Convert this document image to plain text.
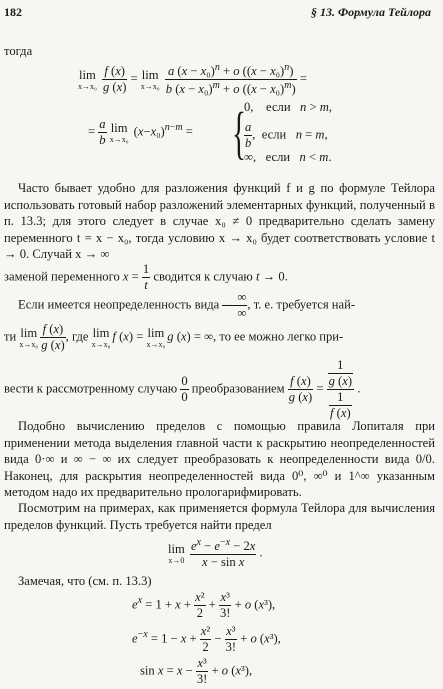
182	§ 13. Формула Тейлора
тогда
lim
x→x₀
$\frac{f (x)}{g (x)} = \lim$
x→x₀
$\frac{a (x - x_0)^n + o ((x - x_0)^n)}{b (x - x_0)^m + o ((x - x_0)^m)}$ =
= $\frac{a}{b}$
lim
x→x₀
$(x-x_0)^{n-m}$ = {
0,    если   n > m,
$\frac{a}{b}$ ,  если   n = m,
∞,   если   n < m.
Часто бывает удобно для разложения функций f и g по формуле Тейлора использовать готовый набор разложений элементарных функций, полученный в п. 13.3; для этого следует в случае x₀ ≠ 0 предварительно сделать замену переменного t = x − x₀, тогда условию x → x₀ будет соответствовать условие t → 0. Случай x → ∞
заменой переменного $x = \frac{1}{t}$ сводится к случаю t → 0.
Если имеется неопределенность вида $\frac{\infty}{\infty}$ , т. е. требуется най-
ти lim
$x\to x_0 \frac{f (x)}{g (x)}$ , где lim
x→x₀
f (x) = lim
x→x₀
g (x) = ∞, то ее можно легко при-
вести к рассмотренному случаю $\frac{0}{0}$ преобразованием $\frac{f (x)}{g (x)} = \frac{\frac{1}{g (x)}}{\frac{1}{f (x)}}$ .
Подобно вычислению пределов с помощью правила Лопиталя при применении метода выделения главной части к раскрытию неопределенностей вида 0·∞ и ∞ − ∞ их следует преобразовать к неопределенности вида 0/0. Наконец, для раскрытия неопределенностей вида 0⁰, ∞⁰ и 1^∞ указанным методом надо их предварительно прологарифмировать.
Посмотрим на примерах, как применяется формула Тейлора для вычисления пределов функций. Пусть требуется найти предел
lim
x→0
$\frac{e^x - e^{-x} - 2x}{\text{x − sin x}}$ .
Замечая, что (см. п. 13.3)
$e^x = 1 + x + \frac{\text{x²}}{2} + \frac{\text{x³}}{3!} + o$ (x³),
$e^{-x} = 1 - x + \frac{\text{x²}}{2} - \frac{\text{x³}}{3!} + o$ (x³),
$\sin x = x - \frac{\text{x³}}{3!} + o$ (x³),
